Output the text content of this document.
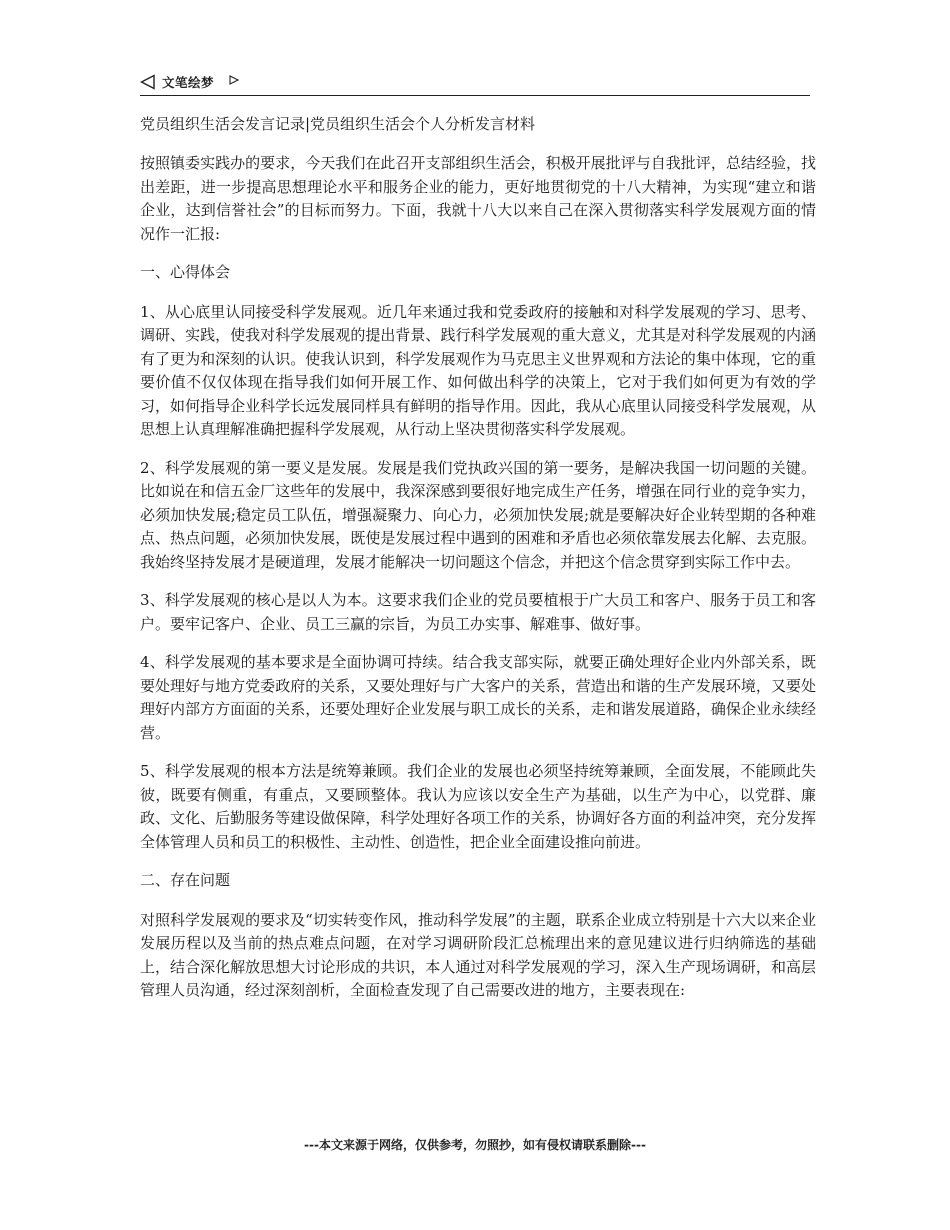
文笔绘梦
党员组织生活会发言记录|党员组织生活会个人分析发言材料

按照镇委实践办的要求，今天我们在此召开支部组织生活会，积极开展批评与自我批评，总结经验，找出差距，进一步提高思想理论水平和服务企业的能力，更好地贯彻党的十八大精神，为实现“建立和谐企业，达到信誉社会”的目标而努力。下面，我就十八大以来自己在深入贯彻落实科学发展观方面的情况作一汇报:

一、心得体会

1、从心底里认同接受科学发展观。近几年来通过我和党委政府的接触和对科学发展观的学习、思考、调研、实践，使我对科学发展观的提出背景、践行科学发展观的重大意义，尤其是对科学发展观的内涵有了更为和深刻的认识。使我认识到，科学发展观作为马克思主义世界观和方法论的集中体现，它的重要价值不仅仅体现在指导我们如何开展工作、如何做出科学的决策上，它对于我们如何更为有效的学习，如何指导企业科学长远发展同样具有鲜明的指导作用。因此，我从心底里认同接受科学发展观，从思想上认真理解准确把握科学发展观，从行动上坚决贯彻落实科学发展观。

2、科学发展观的第一要义是发展。发展是我们党执政兴国的第一要务，是解决我国一切问题的关键。比如说在和信五金厂这些年的发展中，我深深感到要很好地完成生产任务，增强在同行业的竞争实力，必须加快发展;稳定员工队伍，增强凝聚力、向心力，必须加快发展;就是要解决好企业转型期的各种难点、热点问题，必须加快发展，既使是发展过程中遇到的困难和矛盾也必须依靠发展去化解、去克服。我始终坚持发展才是硬道理，发展才能解决一切问题这个信念，并把这个信念贯穿到实际工作中去。

3、科学发展观的核心是以人为本。这要求我们企业的党员要植根于广大员工和客户、服务于员工和客户。要牢记客户、企业、员工三赢的宗旨，为员工办实事、解难事、做好事。

4、科学发展观的基本要求是全面协调可持续。结合我支部实际，就要正确处理好企业内外部关系，既要处理好与地方党委政府的关系，又要处理好与广大客户的关系，营造出和谐的生产发展环境，又要处理好内部方方面面的关系，还要处理好企业发展与职工成长的关系，走和谐发展道路，确保企业永续经营。

5、科学发展观的根本方法是统筹兼顾。我们企业的发展也必须坚持统筹兼顾，全面发展，不能顾此失彼，既要有侧重，有重点，又要顾整体。我认为应该以安全生产为基础，以生产为中心，以党群、廉政、文化、后勤服务等建设做保障，科学处理好各项工作的关系，协调好各方面的利益冲突，充分发挥全体管理人员和员工的积极性、主动性、创造性，把企业全面建设推向前进。

二、存在问题

对照科学发展观的要求及“切实转变作风，推动科学发展”的主题，联系企业成立特别是十六大以来企业发展历程以及当前的热点难点问题，在对学习调研阶段汇总梳理出来的意见建议进行归纳筛选的基础上，结合深化解放思想大讨论形成的共识，本人通过对科学发展观的学习，深入生产现场调研，和高层管理人员沟通，经过深刻剖析，全面检查发现了自己需要改进的地方，主要表现在:

---本文来源于网络，仅供参考，勿照抄，如有侵权请联系删除---
